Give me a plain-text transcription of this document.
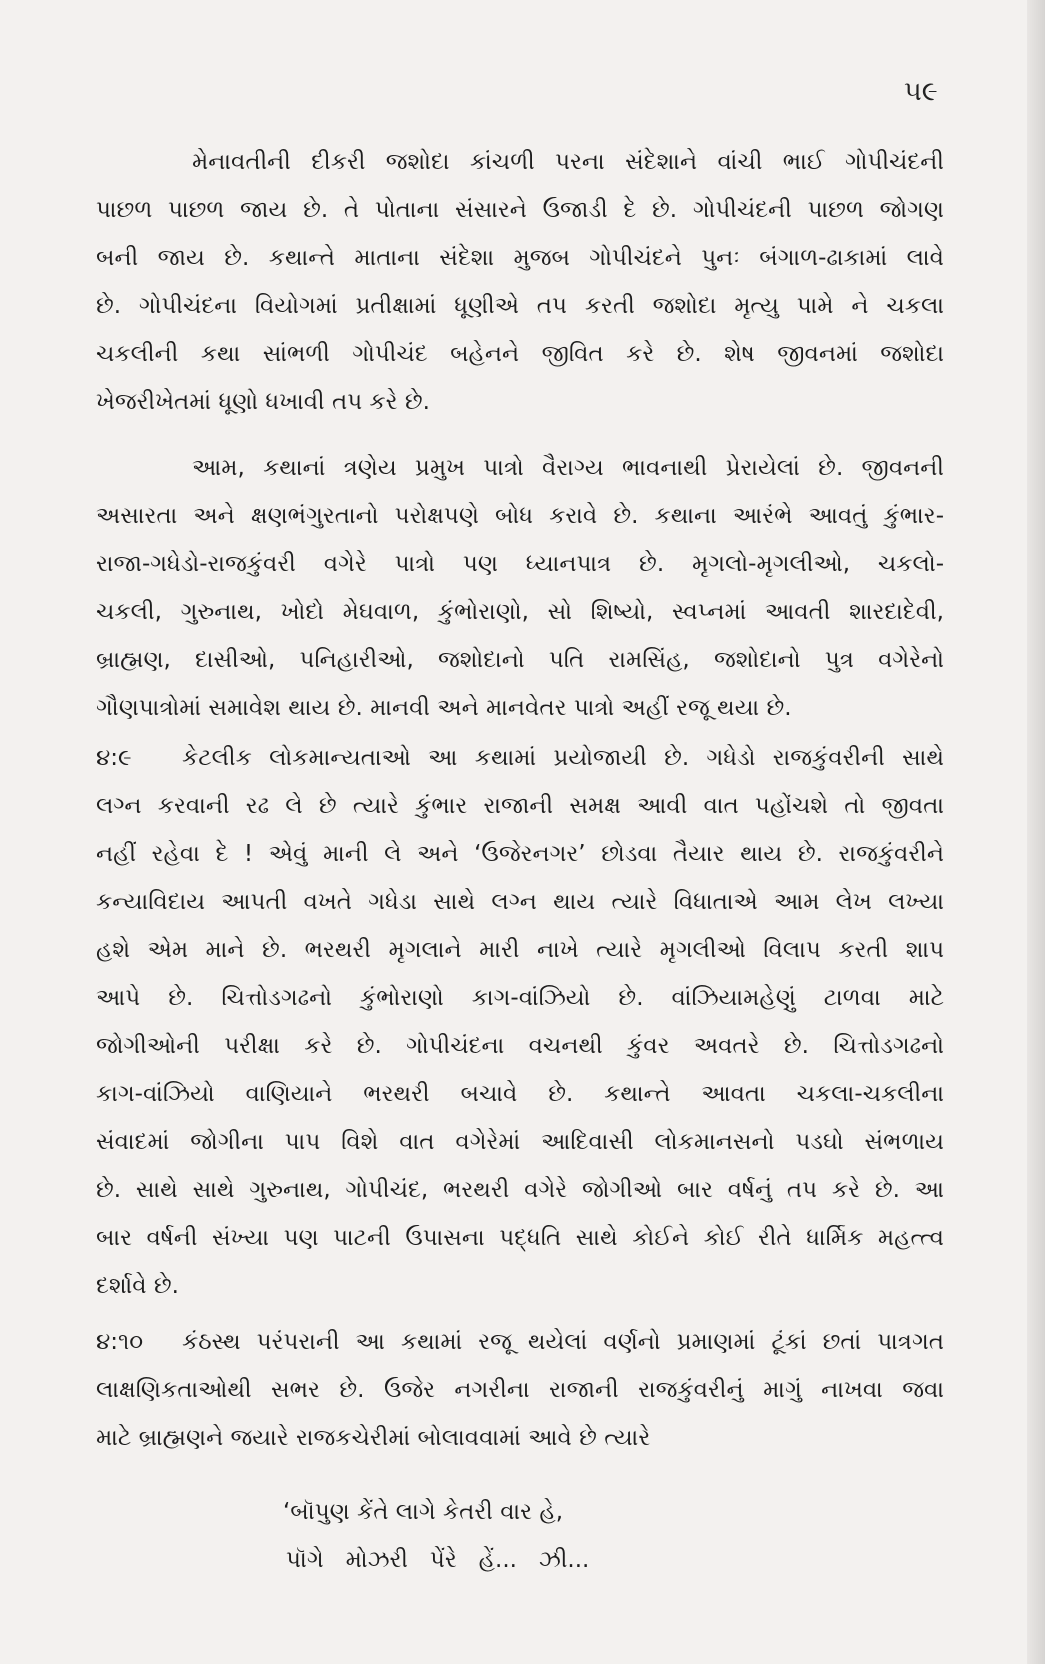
૫૯
મેનાવતીની દીકરી જશોદા કાંચળી પરના સંદેશાને વાંચી ભાઈ ગોપીચંદની
પાછળ પાછળ જાય છે. તે પોતાના સંસારને ઉજાડી દે છે. ગોપીચંદની પાછળ જોગણ
બની જાય છે. કથાન્તે માતાના સંદેશા મુજબ ગોપીચંદને પુનઃ બંગાળ-ઢાકામાં લાવે
છે. ગોપીચંદના વિયોગમાં પ્રતીક્ષામાં ધૂણીએ તપ કરતી જશોદા મૃત્યુ પામે ને ચકલા
ચકલીની કથા સાંભળી ગોપીચંદ બહેનને જીવિત કરે છે. શેષ જીવનમાં જશોદા
ખેજરીખેતમાં ધૂણો ધખાવી તપ કરે છે.
આમ, કથાનાં ત્રણેય પ્રમુખ પાત્રો વૈરાગ્ય ભાવનાથી પ્રેરાયેલાં છે. જીવનની
અસારતા અને ક્ષણભંગુરતાનો પરોક્ષપણે બોધ કરાવે છે. કથાના આરંભે આવતું કુંભાર-
રાજા-ગધેડો-રાજકુંવરી વગેરે પાત્રો પણ ધ્યાનપાત્ર છે. મૃગલો-મૃગલીઓ, ચકલો-
ચકલી, ગુરુનાથ, ખોદો મેઘવાળ, કુંભોરાણો, સો શિષ્યો, સ્વપ્નમાં આવતી શારદાદેવી,
બ્રાહ્મણ, દાસીઓ, પનિહારીઓ, જશોદાનો પતિ રામસિંહ, જશોદાનો પુત્ર વગેરેનો
ગૌણપાત્રોમાં સમાવેશ થાય છે. માનવી અને માનવેતર પાત્રો અહીં રજૂ થયા છે.
૪:૯ કેટલીક લોકમાન્યતાઓ આ કથામાં પ્રયોજાયી છે. ગધેડો રાજકુંવરીની સાથે
લગ્ન કરવાની રઢ લે છે ત્યારે કુંભાર રાજાની સમક્ષ આવી વાત પહોંચશે તો જીવતા
નહીં રહેવા દે ! એવું માની લે અને ‘ઉજેરનગર’ છોડવા તૈયાર થાય છે. રાજકુંવરીને
કન્યાવિદાય આપતી વખતે ગધેડા સાથે લગ્ન થાય ત્યારે વિધાતાએ આમ લેખ લખ્યા
હશે એમ માને છે. ભરથરી મૃગલાને મારી નાખે ત્યારે મૃગલીઓ વિલાપ કરતી શાપ
આપે છે. ચિત્તોડગઢનો કુંભોરાણો કાગ-વાંઝિયો છે. વાંઝિયામહેણું ટાળવા માટે
જોગીઓની પરીક્ષા કરે છે. ગોપીચંદના વચનથી કુંવર અવતરે છે. ચિત્તોડગઢનો
કાગ-વાંઝિયો વાણિયાને ભરથરી બચાવે છે. કથાન્તે આવતા ચકલા-ચકલીના
સંવાદમાં જોગીના પાપ વિશે વાત વગેરેમાં આદિવાસી લોકમાનસનો પડઘો સંભળાય
છે. સાથે સાથે ગુરુનાથ, ગોપીચંદ, ભરથરી વગેરે જોગીઓ બાર વર્ષનું તપ કરે છે. આ
બાર વર્ષની સંખ્યા પણ પાટની ઉપાસના પદ્ધતિ સાથે કોઈને કોઈ રીતે ધાર્મિક મહત્ત્વ
દર્શાવે છે.
૪:૧૦ કંઠસ્થ પરંપરાની આ કથામાં રજૂ થયેલાં વર્ણનો પ્રમાણમાં ટૂંકાં છતાં પાત્રગત
લાક્ષણિકતાઓથી સભર છે. ઉજેર નગરીના રાજાની રાજકુંવરીનું માગું નાખવા જવા
માટે બ્રાહ્મણને જયારે રાજકચેરીમાં બોલાવવામાં આવે છે ત્યારે
‘બૉપુણ કેંતે લાગે કેતરી વાર હે,
પૉગે   મોઝરી   પેંરે   હેં...   ઝી...
